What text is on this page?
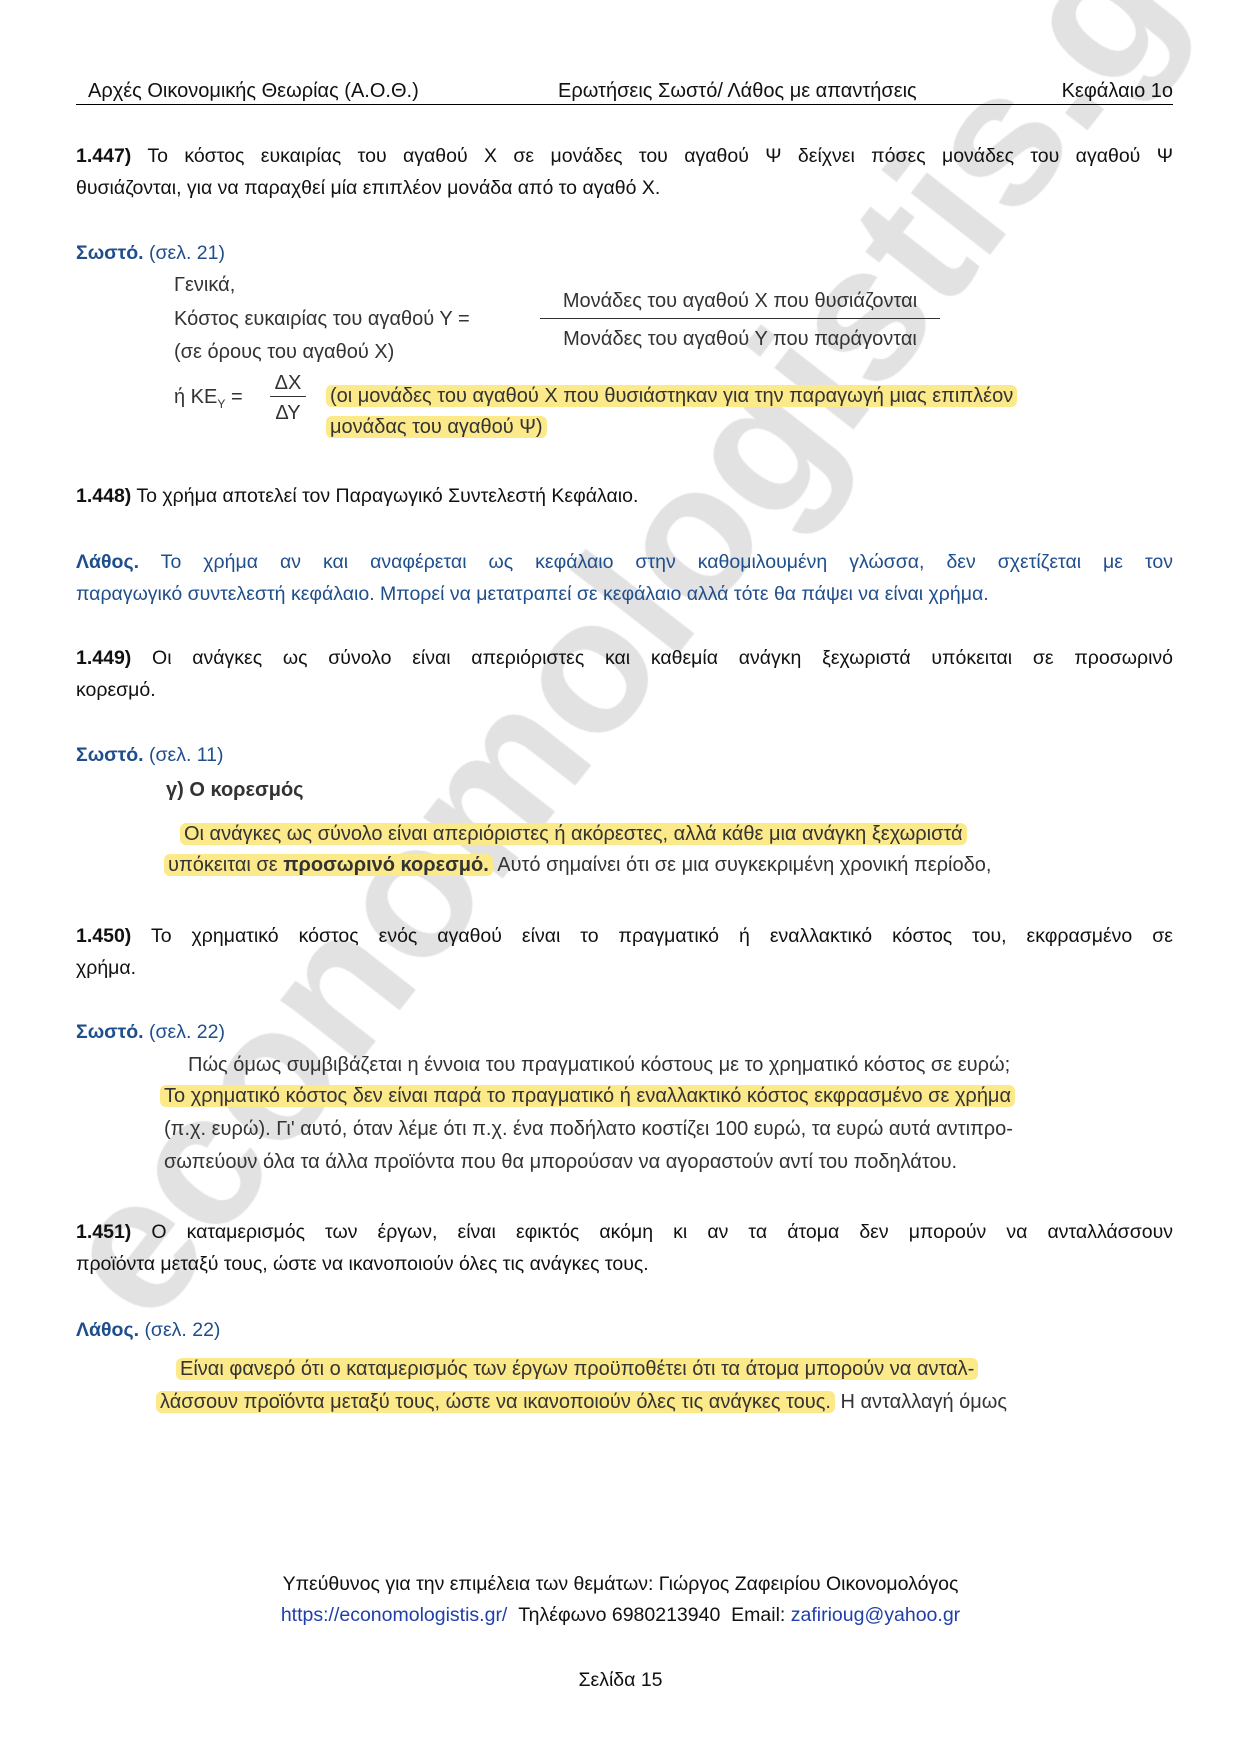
Αρχές Οικονομικής Θεωρίας (Α.Ο.Θ.)	Ερωτήσεις Σωστό/ Λάθος με απαντήσεις	Κεφάλαιο 1ο
1.447) Το κόστος ευκαιρίας του αγαθού Χ σε μονάδες του αγαθού Ψ δείχνει πόσες μονάδες του αγαθού Ψ
θυσιάζονται, για να παραχθεί μία επιπλέον μονάδα από το αγαθό Χ.
Σωστό. (σελ. 21)
Γενικά,
Κόστος ευκαιρίας του αγαθού Υ =
(σε όρους του αγαθού Χ)
Μονάδες του αγαθού Χ που θυσιάζονται
Μονάδες του αγαθού Υ που παράγονται
ή $KE_\Upsilon$ =
ΔΧ
ΔΥ
(οι μονάδες του αγαθού Χ που θυσιάστηκαν για την παραγωγή μιας επιπλέον
μονάδας του αγαθού Ψ)
1.448) Το χρήμα αποτελεί τον Παραγωγικό Συντελεστή Κεφάλαιο.
Λάθος. Το χρήμα αν και αναφέρεται ως κεφάλαιο στην καθομιλουμένη γλώσσα, δεν σχετίζεται με τον
παραγωγικό συντελεστή κεφάλαιο. Μπορεί να μετατραπεί σε κεφάλαιο αλλά τότε θα πάψει να είναι χρήμα.
1.449) Οι ανάγκες ως σύνολο είναι απεριόριστες και καθεμία ανάγκη ξεχωριστά υπόκειται σε προσωρινό
κορεσμό.
Σωστό. (σελ. 11)
γ) Ο κορεσμός
Οι ανάγκες ως σύνολο είναι απεριόριστες ή ακόρεστες, αλλά κάθε μια ανάγκη ξεχωριστά
υπόκειται σε προσωρινό κορεσμό. Αυτό σημαίνει ότι σε μια συγκεκριμένη χρονική περίοδο,
1.450) Το χρηματικό κόστος ενός αγαθού είναι το πραγματικό ή εναλλακτικό κόστος του, εκφρασμένο σε
χρήμα.
Σωστό. (σελ. 22)
Πώς όμως συμβιβάζεται η έννοια του πραγματικού κόστους με το χρηματικό κόστος σε ευρώ;
Το χρηματικό κόστος δεν είναι παρά το πραγματικό ή εναλλακτικό κόστος εκφρασμένο σε χρήμα
(π.χ. ευρώ). Γι' αυτό, όταν λέμε ότι π.χ. ένα ποδήλατο κοστίζει 100 ευρώ, τα ευρώ αυτά αντιπρο-
σωπεύουν όλα τα άλλα προϊόντα που θα μπορούσαν να αγοραστούν αντί του ποδηλάτου.
1.451) Ο καταμερισμός των έργων, είναι εφικτός ακόμη κι αν τα άτομα δεν μπορούν να ανταλλάσσουν
προϊόντα μεταξύ τους, ώστε να ικανοποιούν όλες τις ανάγκες τους.
Λάθος. (σελ. 22)
Είναι φανερό ότι ο καταμερισμός των έργων προϋποθέτει ότι τα άτομα μπορούν να ανταλ-
λάσσουν προϊόντα μεταξύ τους, ώστε να ικανοποιούν όλες τις ανάγκες τους. Η ανταλλαγή όμως
Υπεύθυνος για την επιμέλεια των θεμάτων: Γιώργος Ζαφειρίου Οικονομολόγος
https://economologistis.gr/ Τηλέφωνο 6980213940 Email: zafirioug@yahoo.gr
Σελίδα 15
